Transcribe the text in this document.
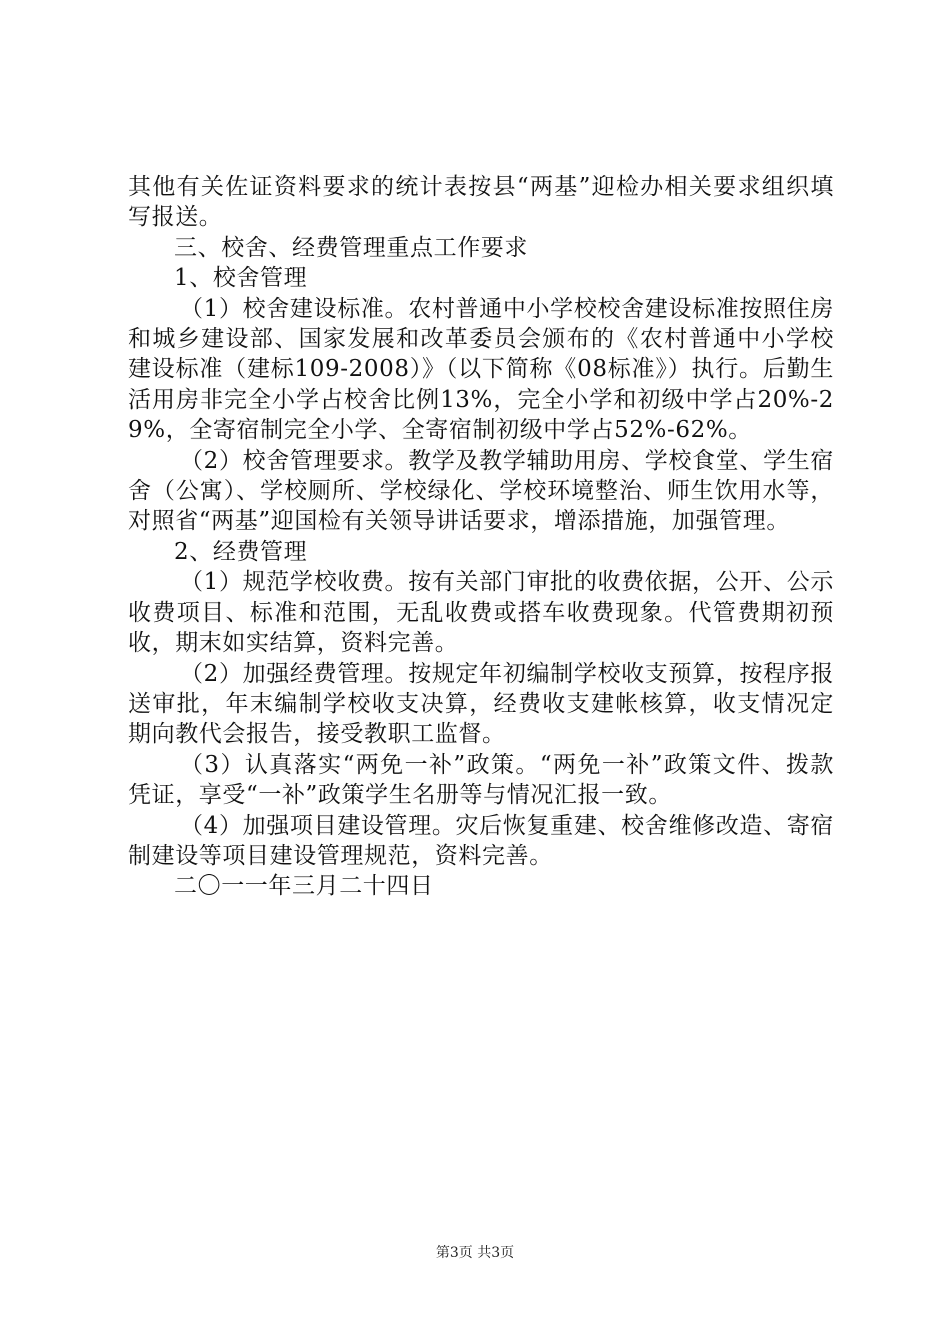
其他有关佐证资料要求的统计表按县“两基”迎检办相关要求组织填写报送。

三、校舍、经费管理重点工作要求

1、校舍管理

（1）校舍建设标准。农村普通中小学校校舍建设标准按照住房和城乡建设部、国家发展和改革委员会颁布的《农村普通中小学校建设标准（建标109-2008）》（以下简称《08标准》）执行。后勤生活用房非完全小学占校舍比例13%，完全小学和初级中学占20%-29%，全寄宿制完全小学、全寄宿制初级中学占52%-62%。

（2）校舍管理要求。教学及教学辅助用房、学校食堂、学生宿舍（公寓）、学校厕所、学校绿化、学校环境整治、师生饮用水等，对照省“两基”迎国检有关领导讲话要求，增添措施，加强管理。

2、经费管理

（1）规范学校收费。按有关部门审批的收费依据，公开、公示收费项目、标准和范围，无乱收费或搭车收费现象。代管费期初预收，期末如实结算，资料完善。

（2）加强经费管理。按规定年初编制学校收支预算，按程序报送审批，年末编制学校收支决算，经费收支建帐核算，收支情况定期向教代会报告，接受教职工监督。

（3）认真落实“两免一补”政策。“两免一补”政策文件、拨款凭证，享受“一补”政策学生名册等与情况汇报一致。

（4）加强项目建设管理。灾后恢复重建、校舍维修改造、寄宿制建设等项目建设管理规范，资料完善。

二〇一一年三月二十四日

第3页 共3页
